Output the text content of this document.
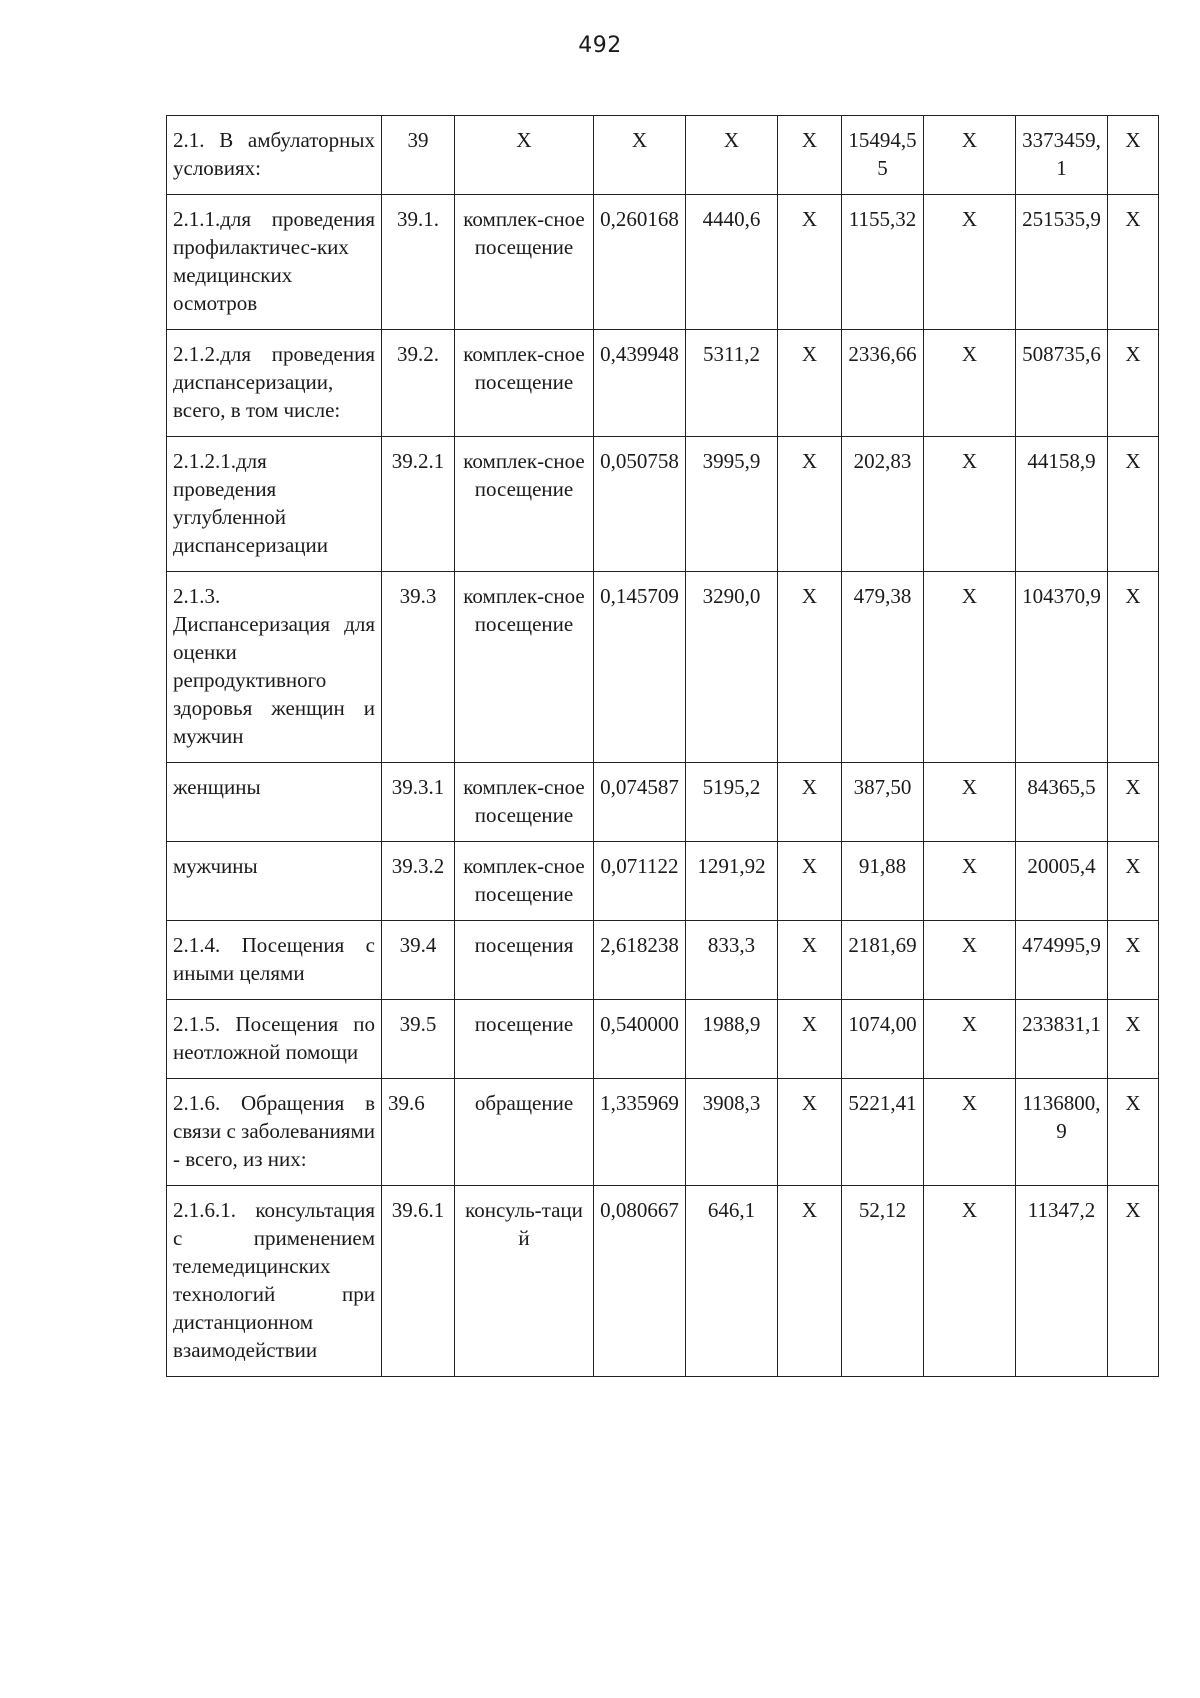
492
2.1. В амбулаторных условиях:	39	Х	Х	Х	Х	15494,55	Х	3373459,1	Х
2.1.1.для проведения профилактичес-ких медицинских осмотров	39.1.	комплек-сное посещение	0,260168	4440,6	Х	1155,32	Х	251535,9	Х
2.1.2.для проведения диспансеризации, всего, в том числе:	39.2.	комплек-сное посещение	0,439948	5311,2	Х	2336,66	Х	508735,6	Х
2.1.2.1.для проведения углубленной диспансеризации	39.2.1	комплек-сное посещение	0,050758	3995,9	Х	202,83	Х	44158,9	Х
2.1.3. Диспансеризация для оценки репродуктивного здоровья женщин и мужчин	39.3	комплек-сное посещение	0,145709	3290,0	Х	479,38	Х	104370,9	Х
женщины	39.3.1	комплек-сное посещение	0,074587	5195,2	Х	387,50	Х	84365,5	Х
мужчины	39.3.2	комплек-сное посещение	0,071122	1291,92	Х	91,88	Х	20005,4	Х
2.1.4. Посещения с иными целями	39.4	посещения	2,618238	833,3	Х	2181,69	Х	474995,9	Х
2.1.5. Посещения по неотложной помощи	39.5	посещение	0,540000	1988,9	Х	1074,00	Х	233831,1	Х
2.1.6. Обращения в связи с заболеваниями - всего, из них:	39.6	обращение	1,335969	3908,3	Х	5221,41	Х	1136800,9	Х
2.1.6.1. консультация с применением телемедицинских технологий при дистанционном взаимодействии	39.6.1	консуль-таций	0,080667	646,1	Х	52,12	Х	11347,2	Х
